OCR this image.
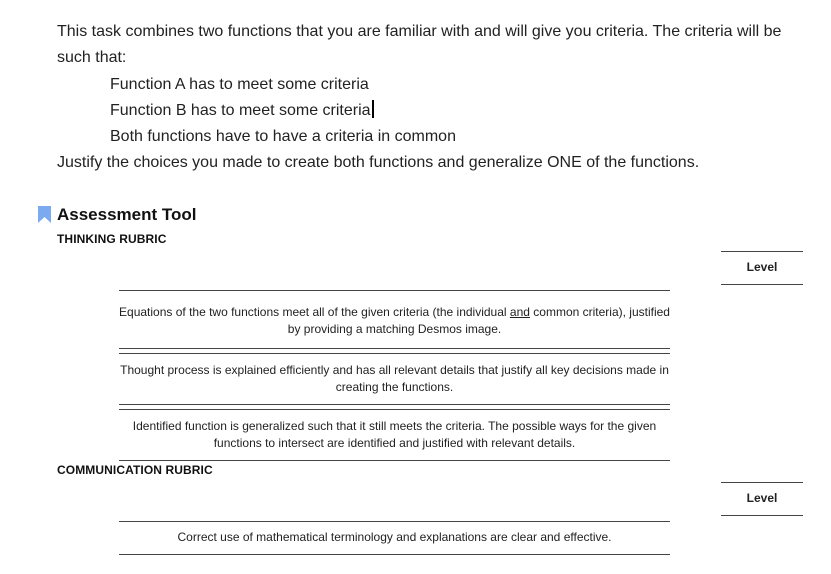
This task combines two functions that you are familiar with and will give you criteria. The criteria will be such that:
Function A has to meet some criteria
Function B has to meet some criteria
Both functions have to have a criteria in common
Justify the choices you made to create both functions and generalize ONE of the functions.
Assessment Tool
THINKING RUBRIC
Level
Equations of the two functions meet all of the given criteria (the individual and common criteria), justified by providing a matching Desmos image.
Thought process is explained efficiently and has all relevant details that justify all key decisions made in creating the functions.
Identified function is generalized such that it still meets the criteria. The possible ways for the given functions to intersect are identified and justified with relevant details.
COMMUNICATION RUBRIC
Level
Correct use of mathematical terminology and explanations are clear and effective.
